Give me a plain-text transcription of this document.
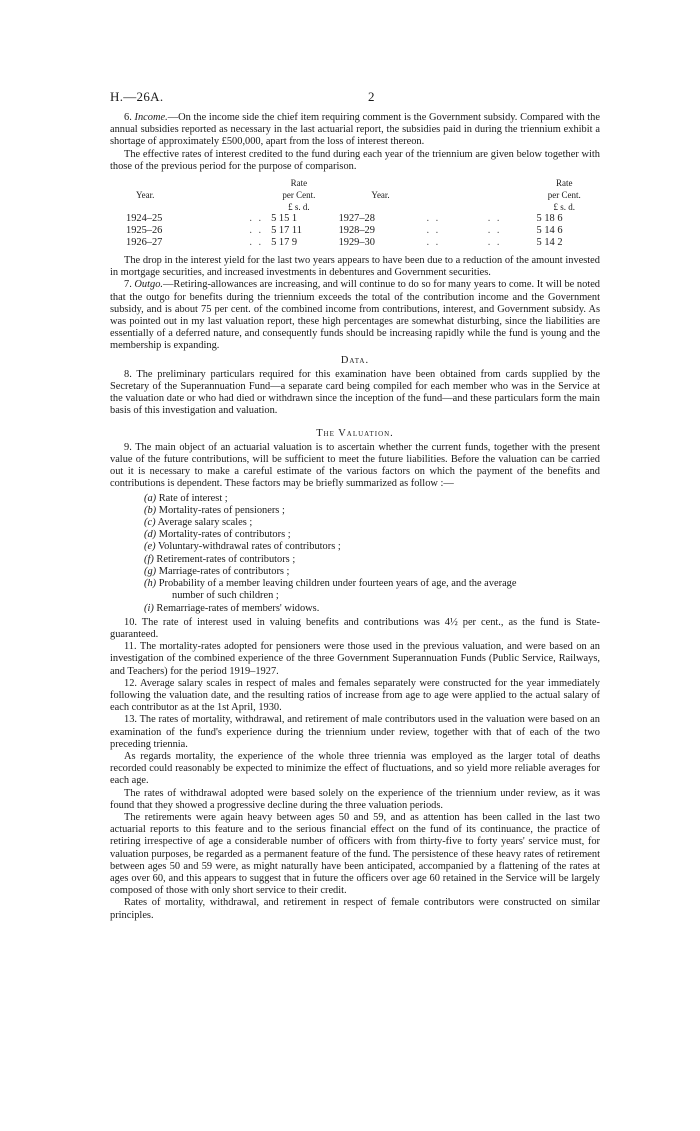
H.—26A.	2

6. Income.—On the income side the chief item requiring comment is the Government subsidy. Compared with the annual subsidies reported as necessary in the last actuarial report, the subsidies paid in during the triennium exhibit a shortage of approximately £500,000, apart from the loss of interest thereon.

The effective rates of interest credited to the fund during each year of the triennium are given below together with those of the previous period for the purpose of comparison.

		Rate				Rate
Year.		per Cent.	Year.			per Cent.
		£ s. d.				£ s. d.
1924–25	. .	5 15 1	1927–28	. .	. .	5 18 6
1925–26	. .	5 17 11	1928–29	. .	. .	5 14 6
1926–27	. .	5 17 9	1929–30	. .	. .	5 14 2

The drop in the interest yield for the last two years appears to have been due to a reduction of the amount invested in mortgage securities, and increased investments in debentures and Government securities.

7. Outgo.—Retiring-allowances are increasing, and will continue to do so for many years to come. It will be noted that the outgo for benefits during the triennium exceeds the total of the contribution income and the Government subsidy, and is about 75 per cent. of the combined income from contributions, interest, and Government subsidy. As was pointed out in my last valuation report, these high percentages are somewhat disturbing, since the liabilities are essentially of a deferred nature, and consequently funds should be increasing rapidly while the fund is young and the membership is expanding.

Data.

8. The preliminary particulars required for this examination have been obtained from cards supplied by the Secretary of the Superannuation Fund—a separate card being compiled for each member who was in the Service at the valuation date or who had died or withdrawn since the inception of the fund—and these particulars form the main basis of this investigation and valuation.

The Valuation.

9. The main object of an actuarial valuation is to ascertain whether the current funds, together with the present value of the future contributions, will be sufficient to meet the future liabilities. Before the valuation can be carried out it is necessary to make a careful estimate of the various factors on which the payment of the benefits and contributions is dependent. These factors may be briefly summarized as follow :—

(a) Rate of interest ;
(b) Mortality-rates of pensioners ;
(c) Average salary scales ;
(d) Mortality-rates of contributors ;
(e) Voluntary-withdrawal rates of contributors ;
(f) Retirement-rates of contributors ;
(g) Marriage-rates of contributors ;
(h) Probability of a member leaving children under fourteen years of age, and the average
number of such children ;
(i) Remarriage-rates of members' widows.

10. The rate of interest used in valuing benefits and contributions was 4½ per cent., as the fund is State-guaranteed.

11. The mortality-rates adopted for pensioners were those used in the previous valuation, and were based on an investigation of the combined experience of the three Government Superannuation Funds (Public Service, Railways, and Teachers) for the period 1919–1927.

12. Average salary scales in respect of males and females separately were constructed for the year immediately following the valuation date, and the resulting ratios of increase from age to age were applied to the actual salary of each contributor as at the 1st April, 1930.

13. The rates of mortality, withdrawal, and retirement of male contributors used in the valuation were based on an examination of the fund's experience during the triennium under review, together with that of each of the two preceding triennia.

As regards mortality, the experience of the whole three triennia was employed as the larger total of deaths recorded could reasonably be expected to minimize the effect of fluctuations, and so yield more reliable averages for each age.

The rates of withdrawal adopted were based solely on the experience of the triennium under review, as it was found that they showed a progressive decline during the three valuation periods.

The retirements were again heavy between ages 50 and 59, and as attention has been called in the last two actuarial reports to this feature and to the serious financial effect on the fund of its continuance, the practice of retiring irrespective of age a considerable number of officers with from thirty-five to forty years' service must, for valuation purposes, be regarded as a permanent feature of the fund. The persistence of these heavy rates of retirement between ages 50 and 59 were, as might naturally have been anticipated, accompanied by a flattening of the rates at ages over 60, and this appears to suggest that in future the officers over age 60 retained in the Service will be largely composed of those with only short service to their credit.

Rates of mortality, withdrawal, and retirement in respect of female contributors were constructed on similar principles.
